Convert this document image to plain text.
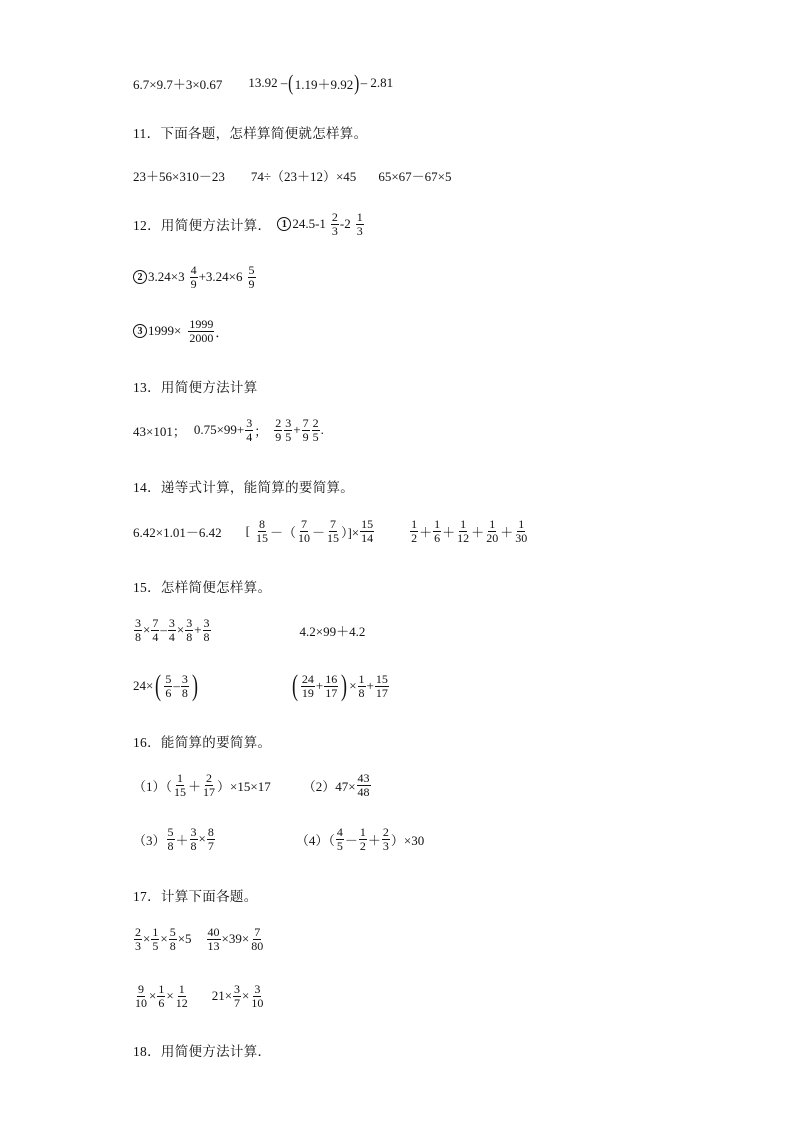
6.7×9.7＋3×0.67 13.92 – ( 1.19＋9.92 ) – 2.81
11．下面各题，怎样算简便就怎样算。
23＋56×310－23 74÷（23＋12）×45 65×67－67×5
12．用简便方法计算．	1 $24.5-1 \frac{2}{3} -2 \frac{1}{3}$
2 $3.24\times 3 \frac{4}{9} +3.24\times 6 \frac{5}{9}$
3 $1999\times \frac{1999}{2000}$ ．
13．用简便方法计算
43×101； $0.75\times 99+ \frac{3}{4}$ ； $\frac{2}{9} \frac{3}{5} + \frac{7}{9} \frac{2}{5}$ .
14．递等式计算，能简算的要简算。
6.42×1.01－6.42 [ $\frac{8}{15}$ －（ $\frac{7}{10} - \frac{7}{15}$ ）]× $\frac{15}{14}$	$\frac{1}{2} + \frac{1}{6} + \frac{1}{12} + \frac{1}{20} + \frac{1}{30}$
15．怎样简便怎样算。
$\frac{3}{8} \times \frac{7}{4} - \frac{3}{4} \times \frac{3}{8} + \frac{3}{8}$	4.2×99＋4.2
24× ( $\frac{5}{6} - \frac{3}{8}$ )	( $\frac{24}{19} + \frac{16}{17}$ ) × $\frac{1}{8} + \frac{15}{17}$
16．能简算的要简算。
$(1)( \frac{1}{15} + \frac{2}{17} )\times 15\times 17$ $(2)47\times \frac{43}{48}$
$(3) \frac{5}{8} + \frac{3}{8} \times \frac{8}{7}$	$(4)( \frac{4}{5} - \frac{1}{2} + \frac{2}{3} )\times 30$
17．计算下面各题。
$\frac{2}{3} \times \frac{1}{5} \times \frac{5}{8} \times 5 \frac{40}{13} \times 39\times \frac{7}{80}$
$\frac{9}{10} \times \frac{1}{6} \times \frac{1}{12} 21\times \frac{3}{7} \times \frac{3}{10}$
18．用简便方法计算．
